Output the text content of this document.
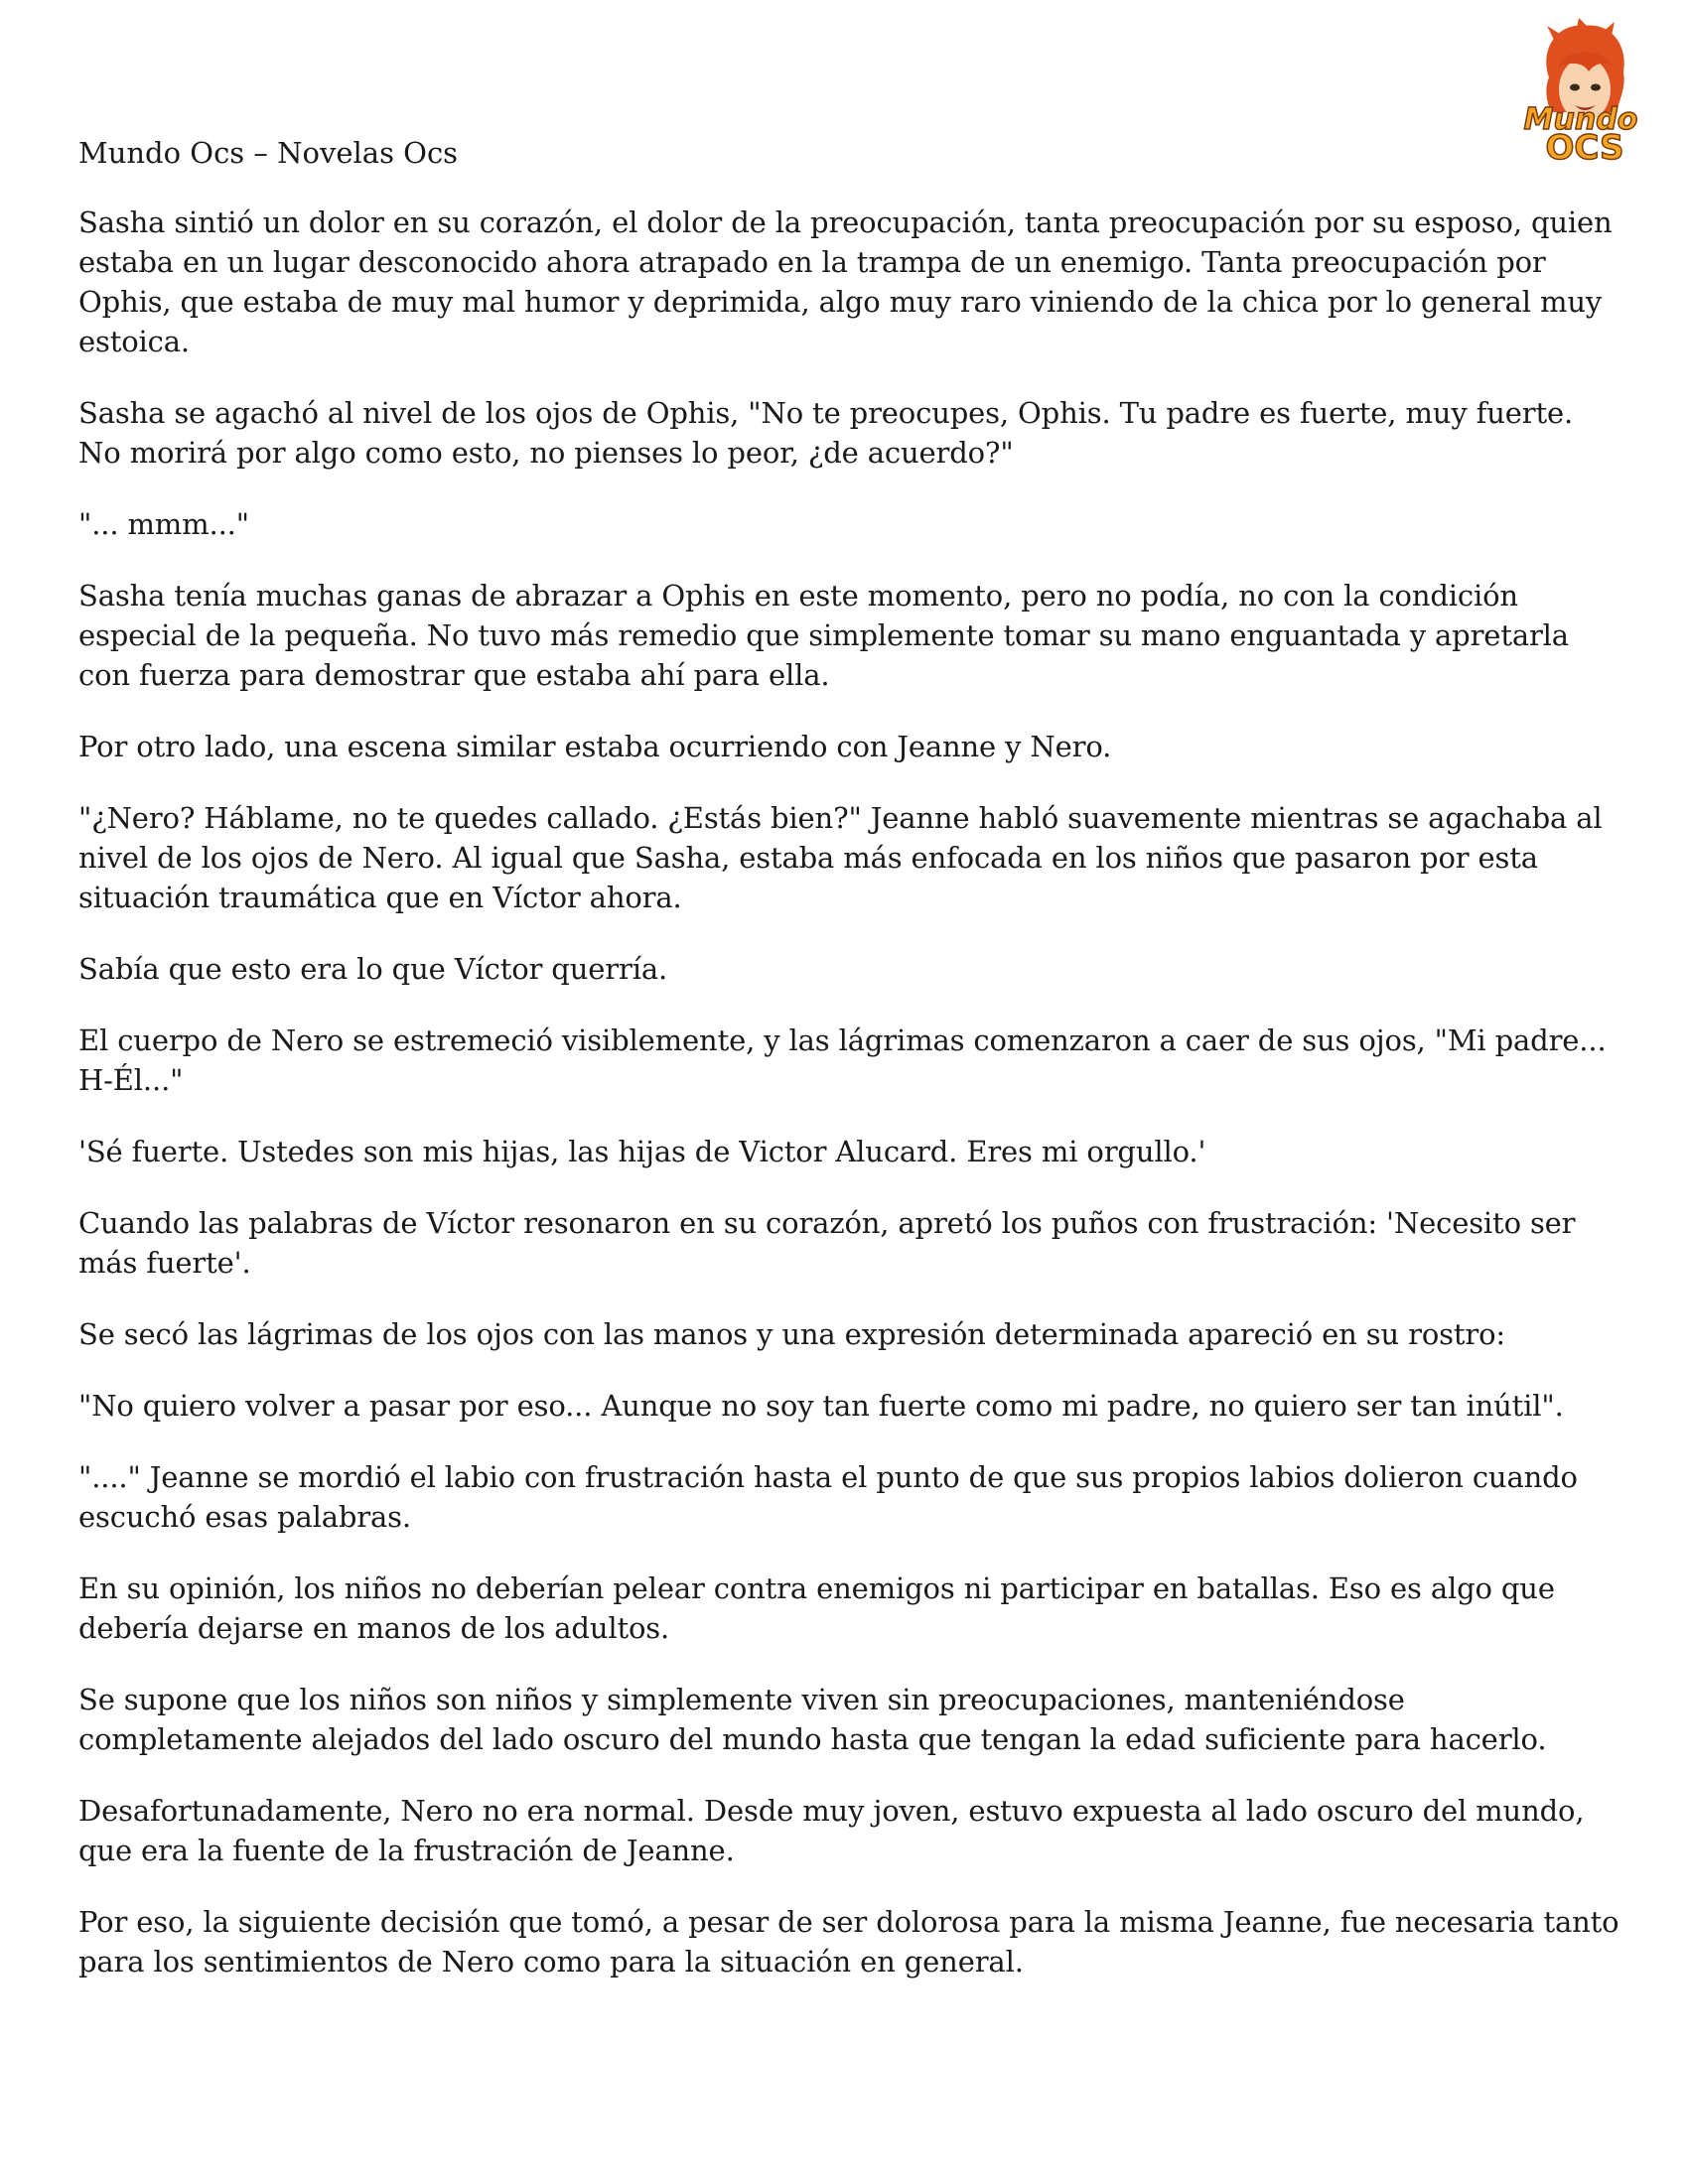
Mundo Ocs – Novelas Ocs
Mundo
OCS

Sasha sintió un dolor en su corazón, el dolor de la preocupación, tanta preocupación por su esposo, quien estaba en un lugar desconocido ahora atrapado en la trampa de un enemigo. Tanta preocupación por Ophis, que estaba de muy mal humor y deprimida, algo muy raro viniendo de la chica por lo general muy estoica.

Sasha se agachó al nivel de los ojos de Ophis, "No te preocupes, Ophis. Tu padre es fuerte, muy fuerte. No morirá por algo como esto, no pienses lo peor, ¿de acuerdo?"

"... mmm..."

Sasha tenía muchas ganas de abrazar a Ophis en este momento, pero no podía, no con la condición especial de la pequeña. No tuvo más remedio que simplemente tomar su mano enguantada y apretarla con fuerza para demostrar que estaba ahí para ella.

Por otro lado, una escena similar estaba ocurriendo con Jeanne y Nero.

"¿Nero? Háblame, no te quedes callado. ¿Estás bien?" Jeanne habló suavemente mientras se agachaba al nivel de los ojos de Nero. Al igual que Sasha, estaba más enfocada en los niños que pasaron por esta situación traumática que en Víctor ahora.

Sabía que esto era lo que Víctor querría.

El cuerpo de Nero se estremeció visiblemente, y las lágrimas comenzaron a caer de sus ojos, "Mi padre... H-Él..."

'Sé fuerte. Ustedes son mis hijas, las hijas de Victor Alucard. Eres mi orgullo.'

Cuando las palabras de Víctor resonaron en su corazón, apretó los puños con frustración: 'Necesito ser más fuerte'.

Se secó las lágrimas de los ojos con las manos y una expresión determinada apareció en su rostro:

"No quiero volver a pasar por eso... Aunque no soy tan fuerte como mi padre, no quiero ser tan inútil".

"...." Jeanne se mordió el labio con frustración hasta el punto de que sus propios labios dolieron cuando escuchó esas palabras.

En su opinión, los niños no deberían pelear contra enemigos ni participar en batallas. Eso es algo que debería dejarse en manos de los adultos.

Se supone que los niños son niños y simplemente viven sin preocupaciones, manteniéndose completamente alejados del lado oscuro del mundo hasta que tengan la edad suficiente para hacerlo.

Desafortunadamente, Nero no era normal. Desde muy joven, estuvo expuesta al lado oscuro del mundo, que era la fuente de la frustración de Jeanne.

Por eso, la siguiente decisión que tomó, a pesar de ser dolorosa para la misma Jeanne, fue necesaria tanto para los sentimientos de Nero como para la situación en general.
